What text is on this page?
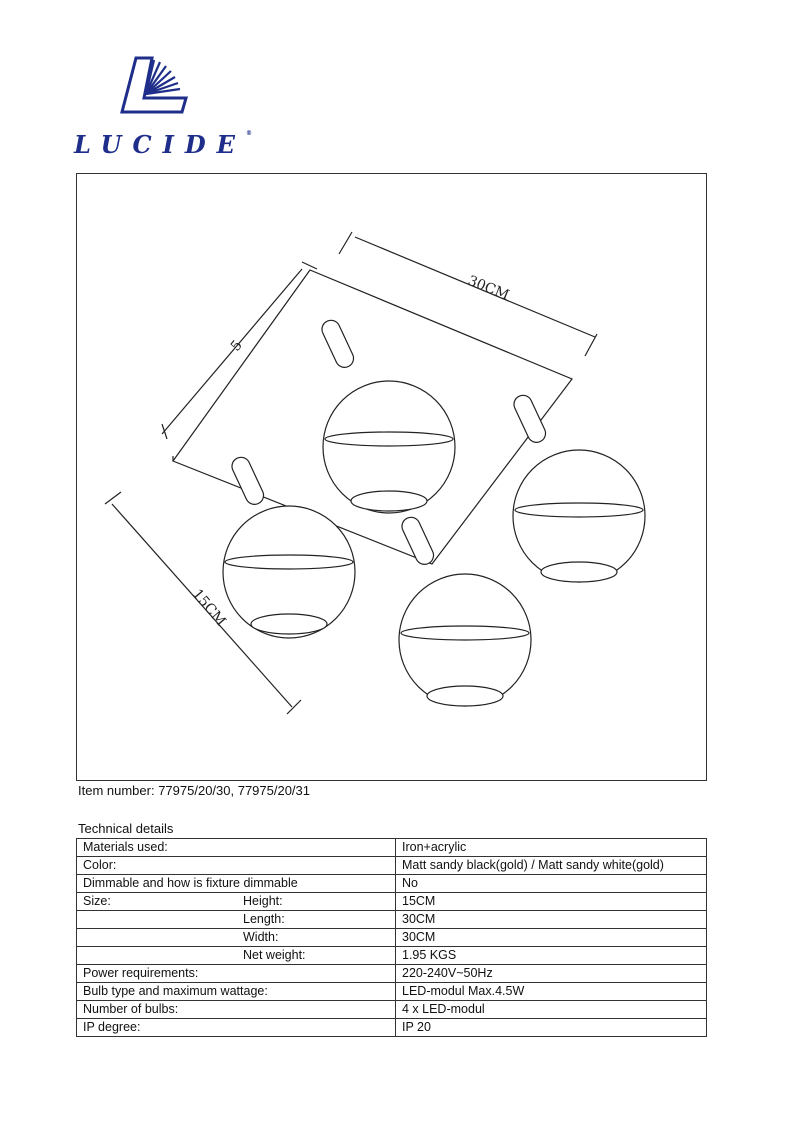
LUCIDE®
30CM
5
15CM
Item number: 77975/20/30, 77975/20/31
Technical details
Materials used:		Iron+acrylic
Color:		Matt sandy black(gold) / Matt sandy white(gold)
Dimmable and how is fixture dimmable		No
Size:	Height:	15CM
	Length:	30CM
	Width:	30CM
	Net weight:	1.95 KGS
Power requirements:		220-240V~50Hz
Bulb type and maximum wattage:		LED-modul Max.4.5W
Number of bulbs:		4 x LED-modul
IP degree:		IP 20
